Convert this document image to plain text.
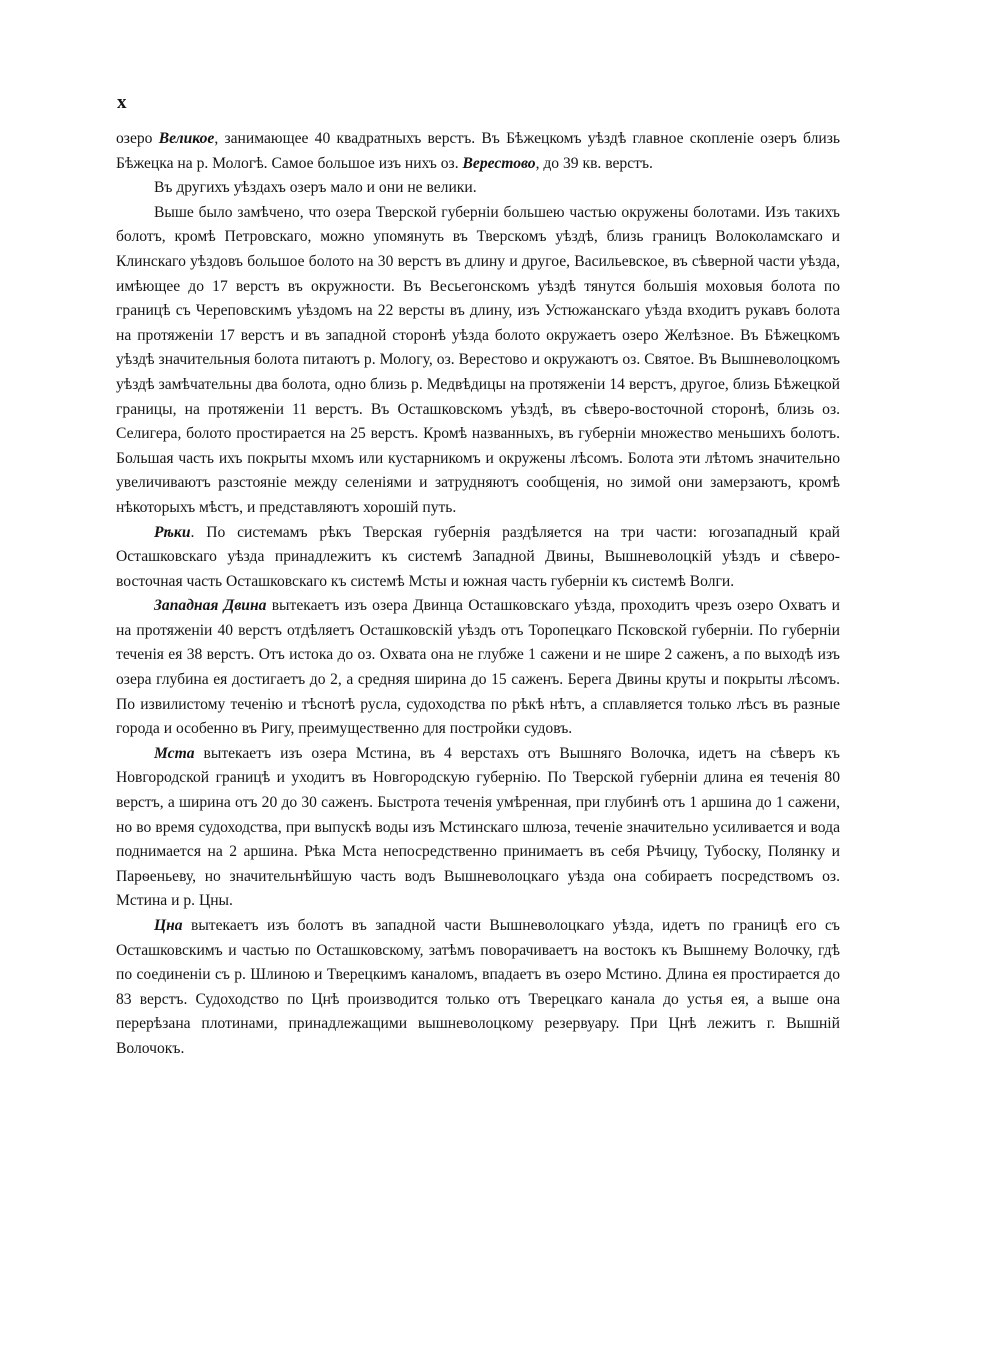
x

озеро Великое, занимающее 40 квадратныхъ верстъ. Въ Бѣжецкомъ уѣздѣ главное скопленіе озеръ близь Бѣжецка на р. Мологѣ. Самое большое изъ нихъ оз. Верестово, до 39 кв. верстъ.

Въ другихъ уѣздахъ озеръ мало и они не велики.

Выше было замѣчено, что озера Тверской губерніи большею частью окружены болотами. Изъ такихъ болотъ, кромѣ Петровскаго, можно упомянуть въ Тверскомъ уѣздѣ, близь границъ Волоколамскаго и Клинскаго уѣздовъ большое болото на 30 верстъ въ длину и другое, Васильевское, въ сѣверной части уѣзда, имѣющее до 17 верстъ въ окружности. Въ Весьегонскомъ уѣздѣ тянутся большія моховыя болота по границѣ съ Череповскимъ уѣздомъ на 22 версты въ длину, изъ Устюжанскаго уѣзда входитъ рукавъ болота на протяженіи 17 верстъ и въ западной сторонѣ уѣзда болото окружаетъ озеро Желѣзное. Въ Бѣжецкомъ уѣздѣ значительныя болота питаютъ р. Мологу, оз. Верестово и окружаютъ оз. Святое. Въ Вышневолоцкомъ уѣздѣ замѣчательны два болота, одно близь р. Медвѣдицы на протяженіи 14 верстъ, другое, близь Бѣжецкой границы, на протяженіи 11 верстъ. Въ Осташковскомъ уѣздѣ, въ сѣверо-восточной сторонѣ, близь оз. Селигера, болото простирается на 25 верстъ. Кромѣ названныхъ, въ губерніи множество меньшихъ болотъ. Большая часть ихъ покрыты мхомъ или кустарникомъ и окружены лѣсомъ. Болота эти лѣтомъ значительно увеличиваютъ разстояніе между селеніями и затрудняютъ сообщенія, но зимой они замерзаютъ, кромѣ нѣкоторыхъ мѣстъ, и представляютъ хорошій путь.

Рѣки. По системамъ рѣкъ Тверская губернія раздѣляется на три части: югозападный край Осташковскаго уѣзда принадлежитъ къ системѣ Западной Двины, Вышневолоцкій уѣздъ и сѣверо-восточная часть Осташковскаго къ системѣ Мсты и южная часть губерніи къ системѣ Волги.

Западная Двина вытекаетъ изъ озера Двинца Осташковскаго уѣзда, проходитъ чрезъ озеро Охватъ и на протяженіи 40 верстъ отдѣляетъ Осташковскій уѣздъ отъ Торопецкаго Псковской губерніи. По губерніи теченія ея 38 верстъ. Отъ истока до оз. Охвата она не глубже 1 сажени и не шире 2 саженъ, а по выходѣ изъ озера глубина ея достигаетъ до 2, а средняя ширина до 15 саженъ. Берега Двины круты и покрыты лѣсомъ. По извилистому теченію и тѣснотѣ русла, судоходства по рѣкѣ нѣтъ, а сплавляется только лѣсъ въ разные города и особенно въ Ригу, преимущественно для постройки судовъ.

Мста вытекаетъ изъ озера Мстина, въ 4 верстахъ отъ Вышняго Волочка, идетъ на сѣверъ къ Новгородской границѣ и уходитъ въ Новгородскую губернію. По Тверской губерніи длина ея теченія 80 верстъ, а ширина отъ 20 до 30 саженъ. Быстрота теченія умѣренная, при глубинѣ отъ 1 аршина до 1 сажени, но во время судоходства, при выпускѣ воды изъ Мстинскаго шлюза, теченіе значительно усиливается и вода поднимается на 2 аршина. Рѣка Мста непосредственно принимаетъ въ себя Рѣчицу, Тубоску, Полянку и Парѳеньеву, но значительнѣйшую часть водъ Вышневолоцкаго уѣзда она собираетъ посредствомъ оз. Мстина и р. Цны.

Цна вытекаетъ изъ болотъ въ западной части Вышневолоцкаго уѣзда, идетъ по границѣ его съ Осташковскимъ и частью по Осташковскому, затѣмъ поворачиваетъ на востокъ къ Вышнему Волочку, гдѣ по соединеніи съ р. Шлиною и Тверецкимъ каналомъ, впадаетъ въ озеро Мстино. Длина ея простирается до 83 верстъ. Судоходство по Цнѣ производится только отъ Тверецкаго канала до устья ея, а выше она перерѣзана плотинами, принадлежащими вышневолоцкому резервуару. При Цнѣ лежитъ г. Вышній Волочокъ.
